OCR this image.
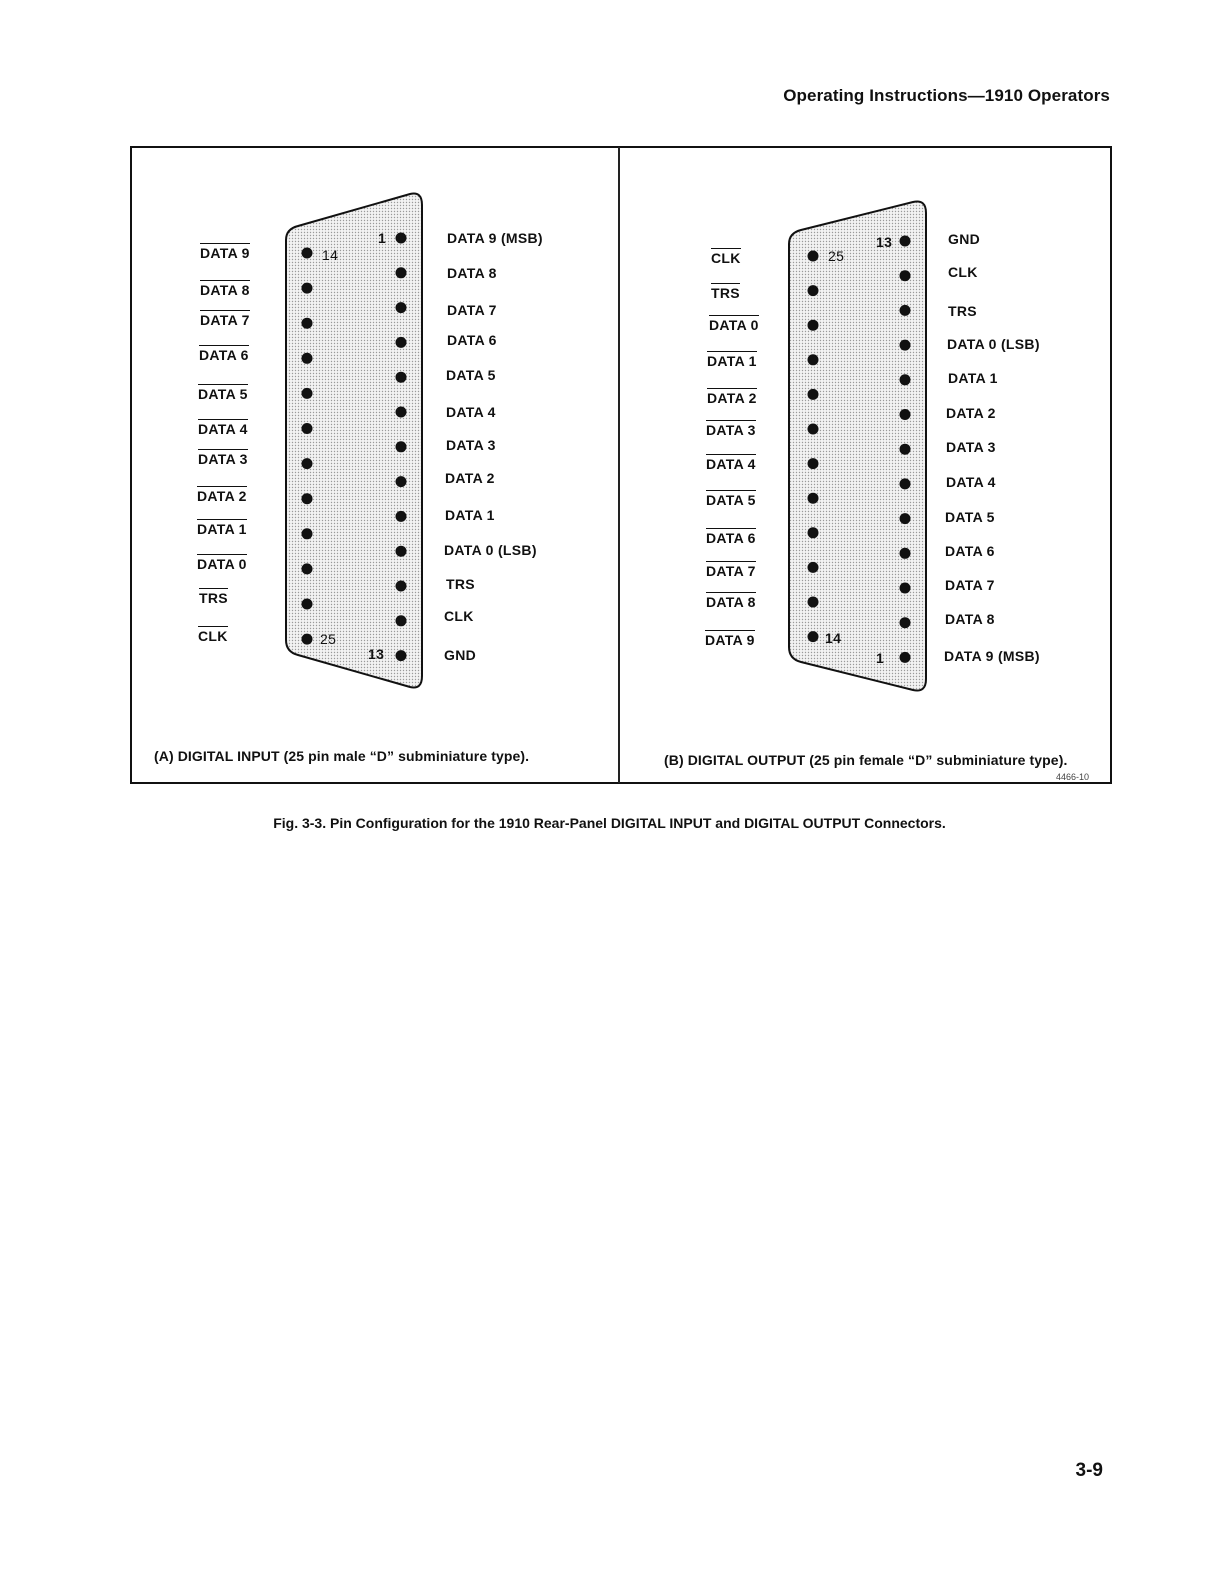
Operating Instructions—1910 Operators
1
14
25
13
13
25
14
1
DATA 9
DATA 8
DATA 7
DATA 6
DATA 5
DATA 4
DATA 3
DATA 2
DATA 1
DATA 0
TRS
CLK
DATA 9 (MSB)
DATA 8
DATA 7
DATA 6
DATA 5
DATA 4
DATA 3
DATA 2
DATA 1
DATA 0 (LSB)
TRS
CLK
GND
CLK
TRS
DATA 0
DATA 1
DATA 2
DATA 3
DATA 4
DATA 5
DATA 6
DATA 7
DATA 8
DATA 9
GND
CLK
TRS
DATA 0 (LSB)
DATA 1
DATA 2
DATA 3
DATA 4
DATA 5
DATA 6
DATA 7
DATA 8
DATA 9 (MSB)
(A) DIGITAL INPUT (25 pin male “D” subminiature type).	(B) DIGITAL OUTPUT (25 pin female “D” subminiature type).
4466-10
Fig. 3-3. Pin Configuration for the 1910 Rear-Panel DIGITAL INPUT and DIGITAL OUTPUT Connectors.
3-9
